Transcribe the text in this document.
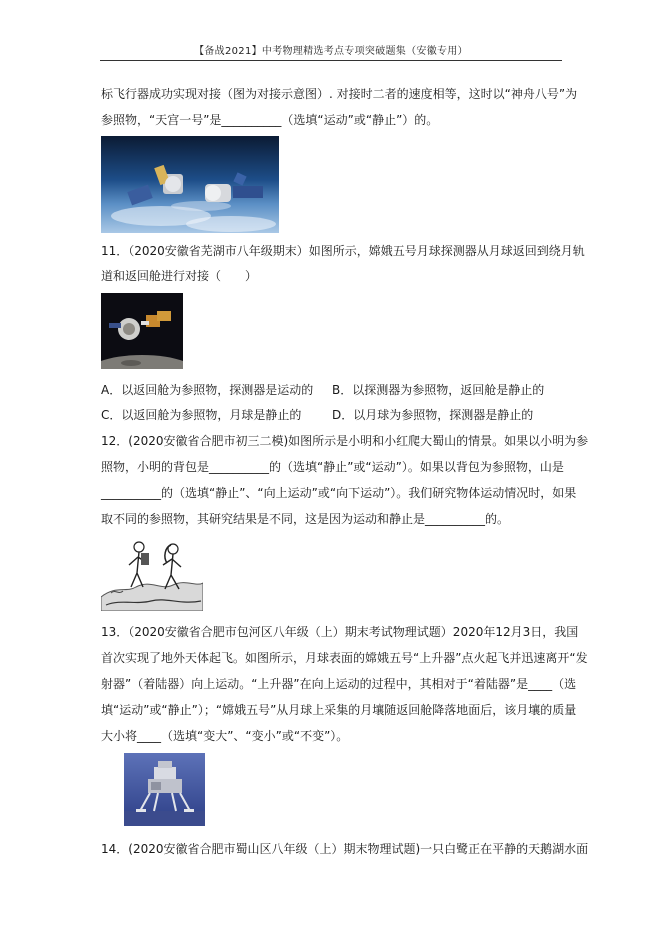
【备战2021】中考物理精选考点专项突破题集（安徽专用）
标飞行器成功实现对接（图为对接示意图）. 对接时二者的速度相等，这时以“神舟八号”为
参照物，“天宫一号”是__________（选填“运动”或“静止”）的。
11．（2020安徽省芜湖市八年级期末）如图所示，嫦娥五号月球探测器从月球返回到绕月轨
道和返回舱进行对接（　　）
A．以返回舱为参照物，探测器是运动的 B．以探测器为参照物，返回舱是静止的
C．以返回舱为参照物，月球是静止的	D．以月球为参照物，探测器是静止的
12．(2020安徽省合肥市初三二模)如图所示是小明和小红爬大蜀山的情景。如果以小明为参
照物，小明的背包是__________的（选填“静止”或“运动”）。如果以背包为参照物，山是
__________的（选填“静止”、“向上运动”或“向下运动”）。我们研究物体运动情况时，如果
取不同的参照物，其研究结果是不同，这是因为运动和静止是__________的。
13．（2020安徽省合肥市包河区八年级（上）期末考试物理试题）2020年12月3日，我国
首次实现了地外天体起飞。如图所示，月球表面的嫦娥五号“上升器”点火起飞并迅速离开“发
射器”（着陆器）向上运动。“上升器”在向上运动的过程中，其相对于“着陆器”是____（选
填“运动”或“静止”）；“嫦娥五号”从月球上采集的月壤随返回舱降落地面后，该月壤的质量
大小将____（选填“变大”、“变小”或“不变”）。
14．(2020安徽省合肥市蜀山区八年级（上）期末物理试题)一只白鹭正在平静的天鹅湖水面
